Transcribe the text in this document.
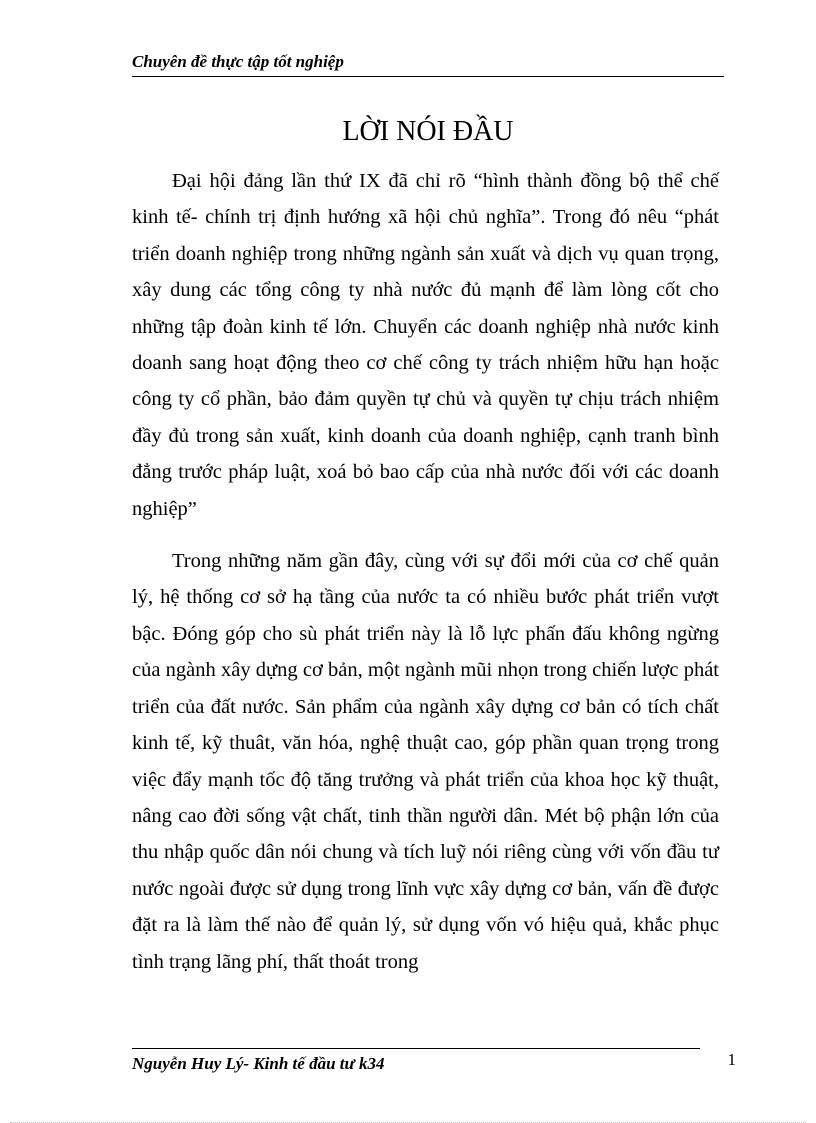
Chuyên đề thực tập tốt nghiệp
LỜI NÓI ĐẦU

Đại hội đảng lần thứ IX đã chỉ rõ “hình thành đồng bộ thể chế kinh tế- chính trị định hướng xã hội chủ nghĩa”. Trong đó nêu “phát triển doanh nghiệp trong những ngành sản xuất và dịch vụ quan trọng, xây dung các tổng công ty nhà nước đủ mạnh để làm lòng cốt cho những tập đoàn kinh tế lớn. Chuyển các doanh nghiệp nhà nước kinh doanh sang hoạt động theo cơ chế công ty trách nhiệm hữu hạn hoặc công ty cổ phần, bảo đảm quyền tự chủ và quyền tự chịu trách nhiệm đầy đủ trong sản xuất, kinh doanh của doanh nghiệp, cạnh tranh bình đẳng trước pháp luật, xoá bỏ bao cấp của nhà nước đối với các doanh nghiệp”

Trong những năm gần đây, cùng với sự đổi mới của cơ chế quản lý, hệ thống cơ sở hạ tầng của nước ta có nhiều bước phát triển vượt bậc. Đóng góp cho sù phát triển này là lỗ lực phấn đấu không ngừng của ngành xây dựng cơ bản, một ngành mũi nhọn trong chiến lược phát triển của đất nước. Sản phẩm của ngành xây dựng cơ bản có tích chất kinh tế, kỹ thuât, văn hóa, nghệ thuật cao, góp phần quan trọng trong việc đẩy mạnh tốc độ tăng trưởng và phát triển của khoa học kỹ thuật, nâng cao đời sống vật chất, tinh thần người dân. Mét bộ phận lớn của thu nhập quốc dân nói chung và tích luỹ nói riêng cùng với vốn đầu tư nước ngoài được sử dụng trong lĩnh vực xây dựng cơ bản, vấn đề được đặt ra là làm thế nào để quản lý, sử dụng vốn vó hiệu quả, khắc phục tình trạng lãng phí, thất thoát trong

Nguyễn Huy Lý- Kinh tế đầu tư k34	1
